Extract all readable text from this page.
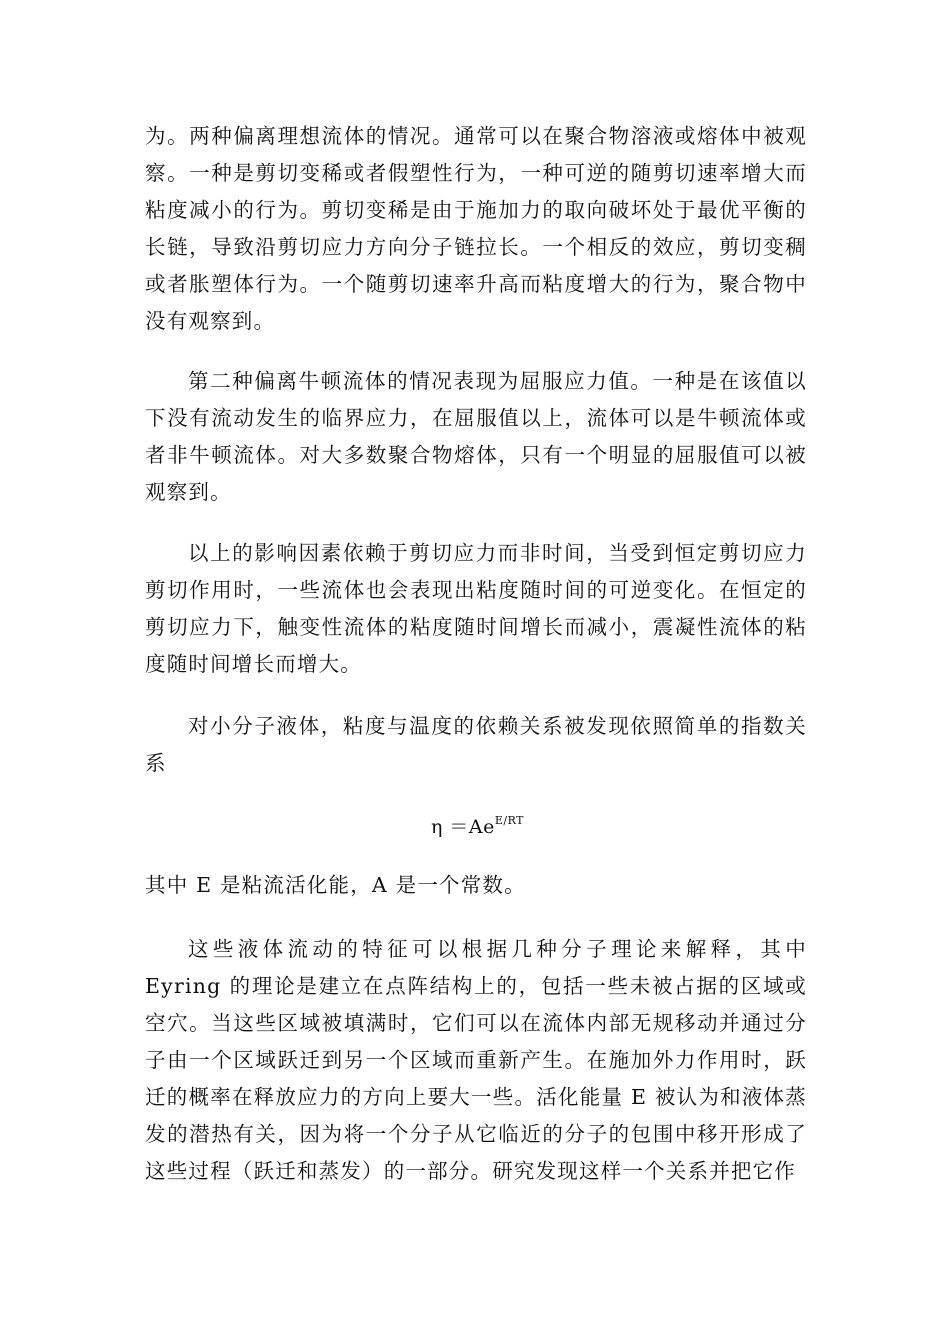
为。两种偏离理想流体的情况。通常可以在聚合物溶液或熔体中被观察。一种是剪切变稀或者假塑性行为，一种可逆的随剪切速率增大而粘度减小的行为。剪切变稀是由于施加力的取向破坏处于最优平衡的长链，导致沿剪切应力方向分子链拉长。一个相反的效应，剪切变稠或者胀塑体行为。一个随剪切速率升高而粘度增大的行为，聚合物中没有观察到。

第二种偏离牛顿流体的情况表现为屈服应力值。一种是在该值以下没有流动发生的临界应力，在屈服值以上，流体可以是牛顿流体或者非牛顿流体。对大多数聚合物熔体，只有一个明显的屈服值可以被观察到。

以上的影响因素依赖于剪切应力而非时间，当受到恒定剪切应力剪切作用时，一些流体也会表现出粘度随时间的可逆变化。在恒定的剪切应力下，触变性流体的粘度随时间增长而减小，震凝性流体的粘度随时间增长而增大。

对小分子液体，粘度与温度的依赖关系被发现依照简单的指数关系

$\eta =Ae^{E/RT}$

其中 E 是粘流活化能，A 是一个常数。

这些液体流动的特征可以根据几种分子理论来解释，其中 Eyring 的理论是建立在点阵结构上的，包括一些未被占据的区域或空穴。当这些区域被填满时，它们可以在流体内部无规移动并通过分子由一个区域跃迁到另一个区域而重新产生。在施加外力作用时，跃迁的概率在释放应力的方向上要大一些。活化能量 E 被认为和液体蒸发的潜热有关，因为将一个分子从它临近的分子的包围中移开形成了这些过程（跃迁和蒸发）的一部分。研究发现这样一个关系并把它作
